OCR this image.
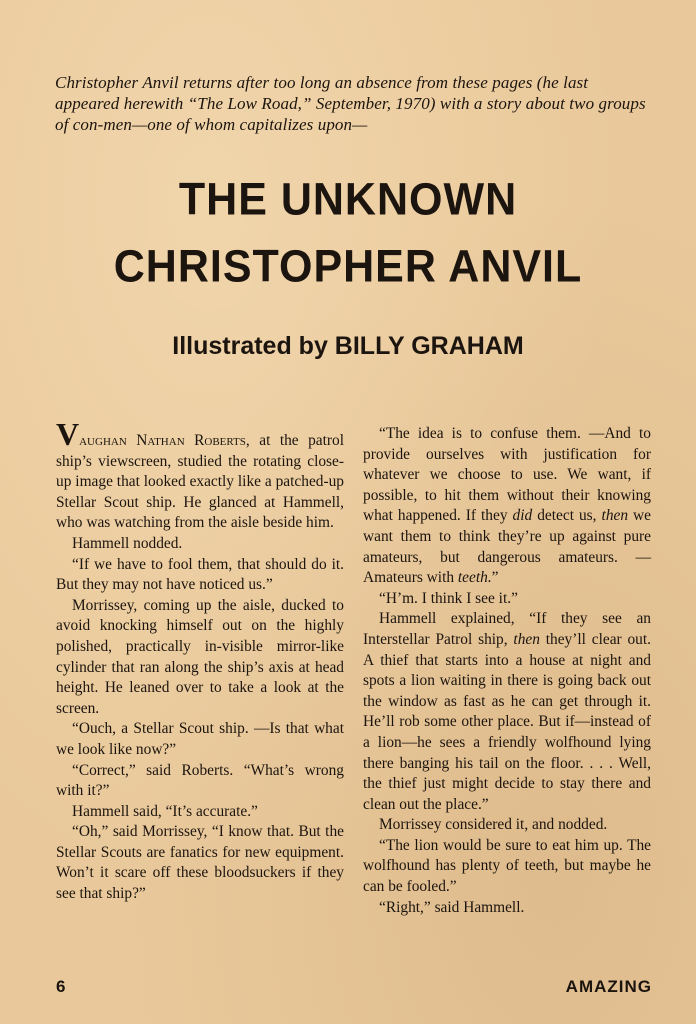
Christopher Anvil returns after too long an absence from these pages (he last appeared herewith “The Low Road,” September, 1970) with a story about two groups of con-men—one of whom capitalizes upon—
THE UNKNOWN
CHRISTOPHER ANVIL
Illustrated by BILLY GRAHAM

Vaughan Nathan Roberts, at the patrol ship’s viewscreen, studied the rotating close-up image that looked exactly like a patched-up Stellar Scout ship. He glanced at Hammell, who was watching from the aisle beside him.

Hammell nodded.

“If we have to fool them, that should do it. But they may not have noticed us.”

Morrissey, coming up the aisle, ducked to avoid knocking himself out on the highly polished, practically in-visible mirror-like cylinder that ran along the ship’s axis at head height. He leaned over to take a look at the screen.

“Ouch, a Stellar Scout ship. —Is that what we look like now?”

“Correct,” said Roberts. “What’s wrong with it?”

Hammell said, “It’s accurate.”

“Oh,” said Morrissey, “I know that. But the Stellar Scouts are fanatics for new equipment. Won’t it scare off these bloodsuckers if they see that ship?”

“The idea is to confuse them. —And to provide ourselves with justification for whatever we choose to use. We want, if possible, to hit them without their knowing what happened. If they did detect us, then we want them to think they’re up against pure amateurs, but dangerous amateurs. —Amateurs with teeth.”

“H’m. I think I see it.”

Hammell explained, “If they see an Interstellar Patrol ship, then they’ll clear out. A thief that starts into a house at night and spots a lion waiting in there is going back out the window as fast as he can get through it. He’ll rob some other place. But if—instead of a lion—he sees a friendly wolfhound lying there banging his tail on the floor. . . . Well, the thief just might decide to stay there and clean out the place.”

Morrissey considered it, and nodded.

“The lion would be sure to eat him up. The wolfhound has plenty of teeth, but maybe he can be fooled.”

“Right,” said Hammell.

6	AMAZING
